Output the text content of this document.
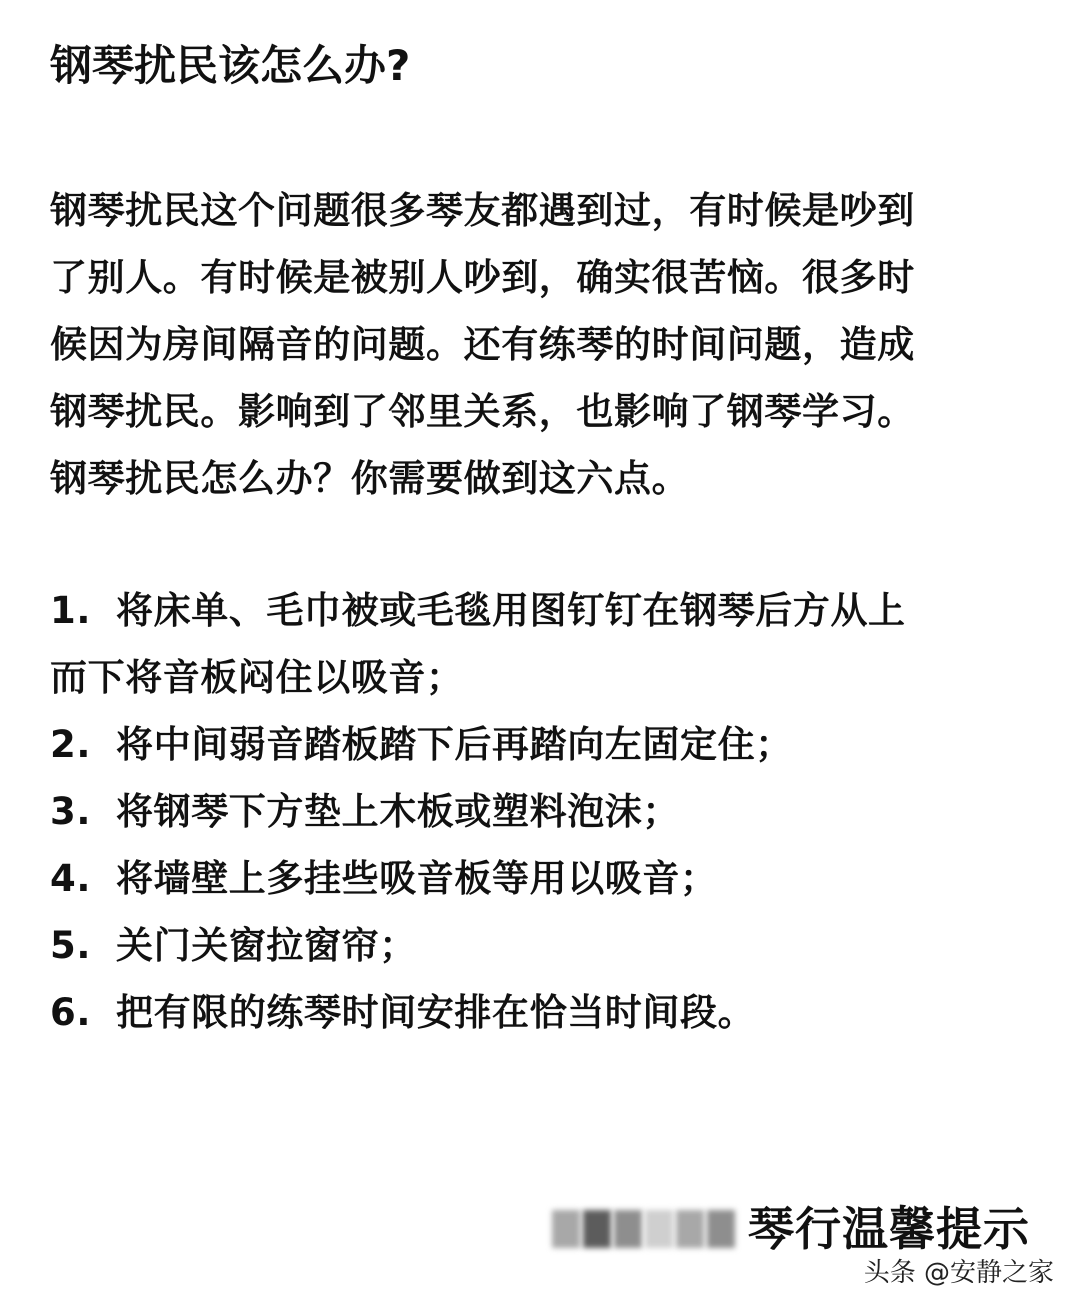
钢琴扰民该怎么办?

钢琴扰民这个问题很多琴友都遇到过，有时候是吵到
了别人。有时候是被别人吵到，确实很苦恼。很多时
候因为房间隔音的问题。还有练琴的时间问题，造成
钢琴扰民。影响到了邻里关系，也影响了钢琴学习。
钢琴扰民怎么办？你需要做到这六点。

1. 将床单、毛巾被或毛毯用图钉钉在钢琴后方从上
而下将音板闷住以吸音；
2. 将中间弱音踏板踏下后再踏向左固定住；
3. 将钢琴下方垫上木板或塑料泡沫；
4. 将墙壁上多挂些吸音板等用以吸音；
5. 关门关窗拉窗帘；
6. 把有限的练琴时间安排在恰当时间段。
琴行温馨提示
头条 @安静之家
